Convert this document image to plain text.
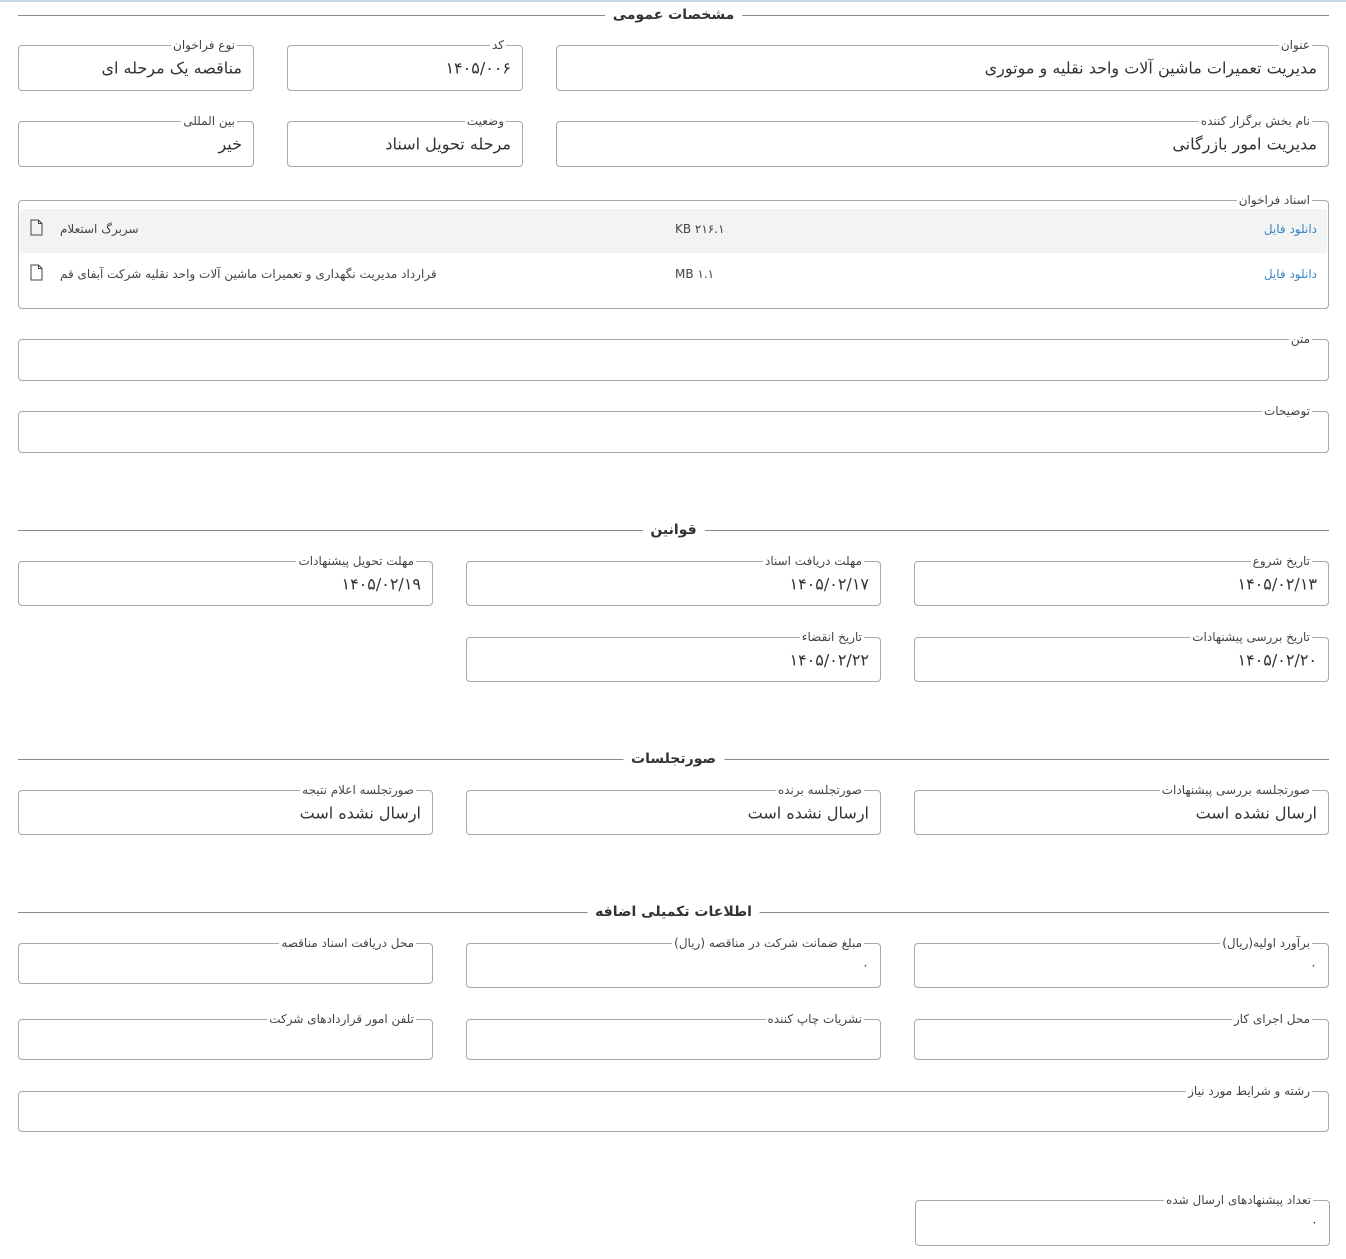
مشخصات عمومی
عنوان
مدیریت تعمیرات ماشین آلات واحد نقلیه و موتوری
کد
۱۴۰۵/۰۰۶
نوع فراخوان
مناقصه یک مرحله ای
نام بخش برگزار کننده
مدیریت امور بازرگانی
وضعیت
مرحله تحویل اسناد
بین المللی
خیر
اسناد فراخوان
دانلود فایل
KB ۲۱۶.۱
سربرگ استعلام
دانلود فایل
MB ۱.۱
قرارداد مدیریت نگهداری و تعمیرات ماشین آلات واحد نقلیه شرکت آبفای قم
متن
توضیحات
قوانین
تاریخ شروع
۱۴۰۵/۰۲/۱۳
مهلت دریافت اسناد
۱۴۰۵/۰۲/۱۷
مهلت تحویل پیشنهادات
۱۴۰۵/۰۲/۱۹
تاریخ بررسی پیشنهادات
۱۴۰۵/۰۲/۲۰
تاریخ انقضاء
۱۴۰۵/۰۲/۲۲
صورتجلسات
صورتجلسه بررسی پیشنهادات
ارسال نشده است
صورتجلسه برنده
ارسال نشده است
صورتجلسه اعلام نتیجه
ارسال نشده است
اطلاعات تکمیلی اضافه
برآورد اولیه(ریال)
۰
مبلغ ضمانت شرکت در مناقصه (ریال)
۰
محل دریافت اسناد مناقصه
محل اجرای کار
نشریات چاپ کننده
تلفن امور قراردادهای شرکت
رشته و شرایط مورد نیاز
تعداد پیشنهادهای ارسال شده
۰
